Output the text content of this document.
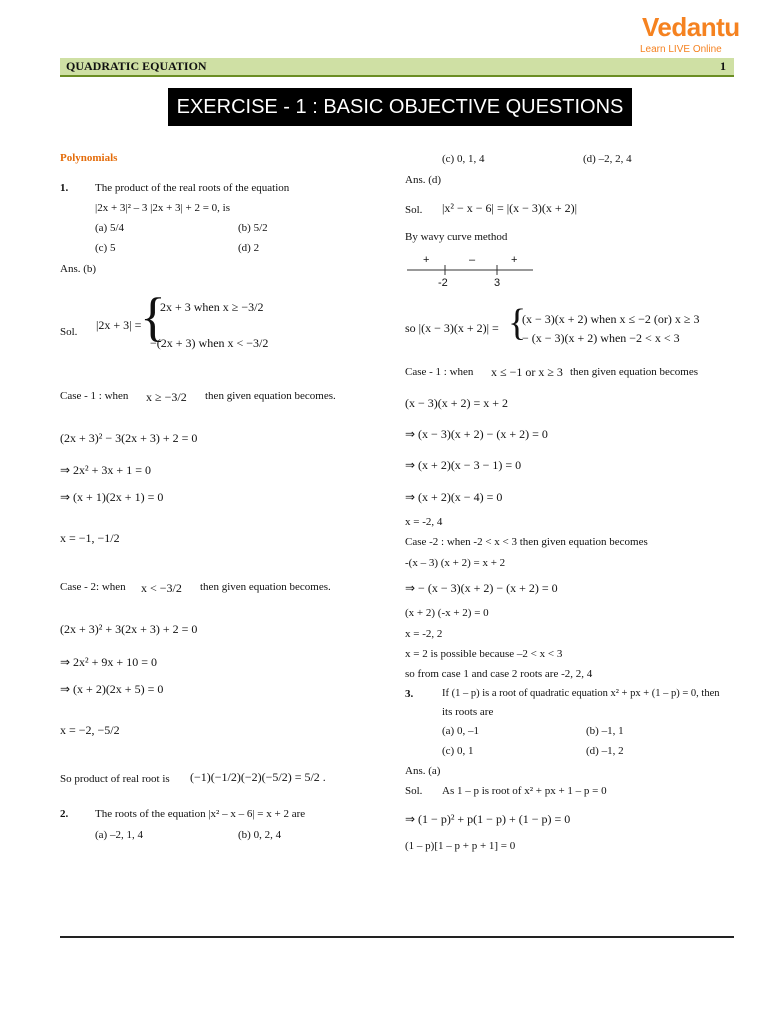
Vedantu
Learn LIVE Online
QUADRATIC EQUATION	1
EXERCISE - 1 : BASIC OBJECTIVE QUESTIONS
Polynomials
1. The product of the real roots of the equation
|2x + 3|² – 3 |2x + 3| + 2 = 0, is
(a) 5/4	(b) 5/2
(c) 5	(d) 2
Ans. (b)
Sol. |2x + 3| =
{
2x + 3 when x ≥ −3/2
−(2x + 3) when x < −3/2
Case - 1 : when x ≥ −3/2 then given equation becomes.
(2x + 3)² − 3(2x + 3) + 2 = 0
⇒ 2x² + 3x + 1 = 0
⇒ (x + 1)(2x + 1) = 0
x = −1, −1/2
Case - 2: when x < −3/2 then given equation becomes.
(2x + 3)² + 3(2x + 3) + 2 = 0
⇒ 2x² + 9x + 10 = 0
⇒ (x + 2)(2x + 5) = 0
x = −2, −5/2
So product of real root is (−1)(−1/2)(−2)(−5/2) = 5/2 .
2. The roots of the equation |x² – x – 6| = x + 2 are
(a) –2, 1, 4	(b) 0, 2, 4
(c) 0, 1, 4	(d) –2, 2, 4
Ans. (d)
Sol. |x² − x − 6| = |(x − 3)(x + 2)|
By wavy curve method
+	–	+
-2	3
so |(x − 3)(x + 2)| = {
(x − 3)(x + 2) when x ≤ −2 (or) x ≥ 3
− (x − 3)(x + 2) when −2 < x < 3
Case - 1 : when x ≤ −1 or x ≥ 3 then given equation becomes
(x − 3)(x + 2) = x + 2
⇒ (x − 3)(x + 2) − (x + 2) = 0
⇒ (x + 2)(x − 3 − 1) = 0
⇒ (x + 2)(x − 4) = 0
x = -2, 4
Case -2 : when -2 < x < 3 then given equation becomes
-(x – 3) (x + 2) = x + 2
⇒ − (x − 3)(x + 2) − (x + 2) = 0
(x + 2) (-x + 2) = 0
x = -2, 2
x = 2 is possible because –2 < x < 3
so from case 1 and case 2 roots are -2, 2, 4
3.	If (1 – p) is a root of quadratic equation x² + px + (1 – p) = 0, then
its roots are
(a) 0, –1	(b) –1, 1
(c) 0, 1	(d) –1, 2
Ans. (a)
Sol. As 1 – p is root of x² + px + 1 – p = 0
⇒ (1 − p)² + p(1 − p) + (1 − p) = 0
(1 – p)[1 – p + p + 1] = 0
